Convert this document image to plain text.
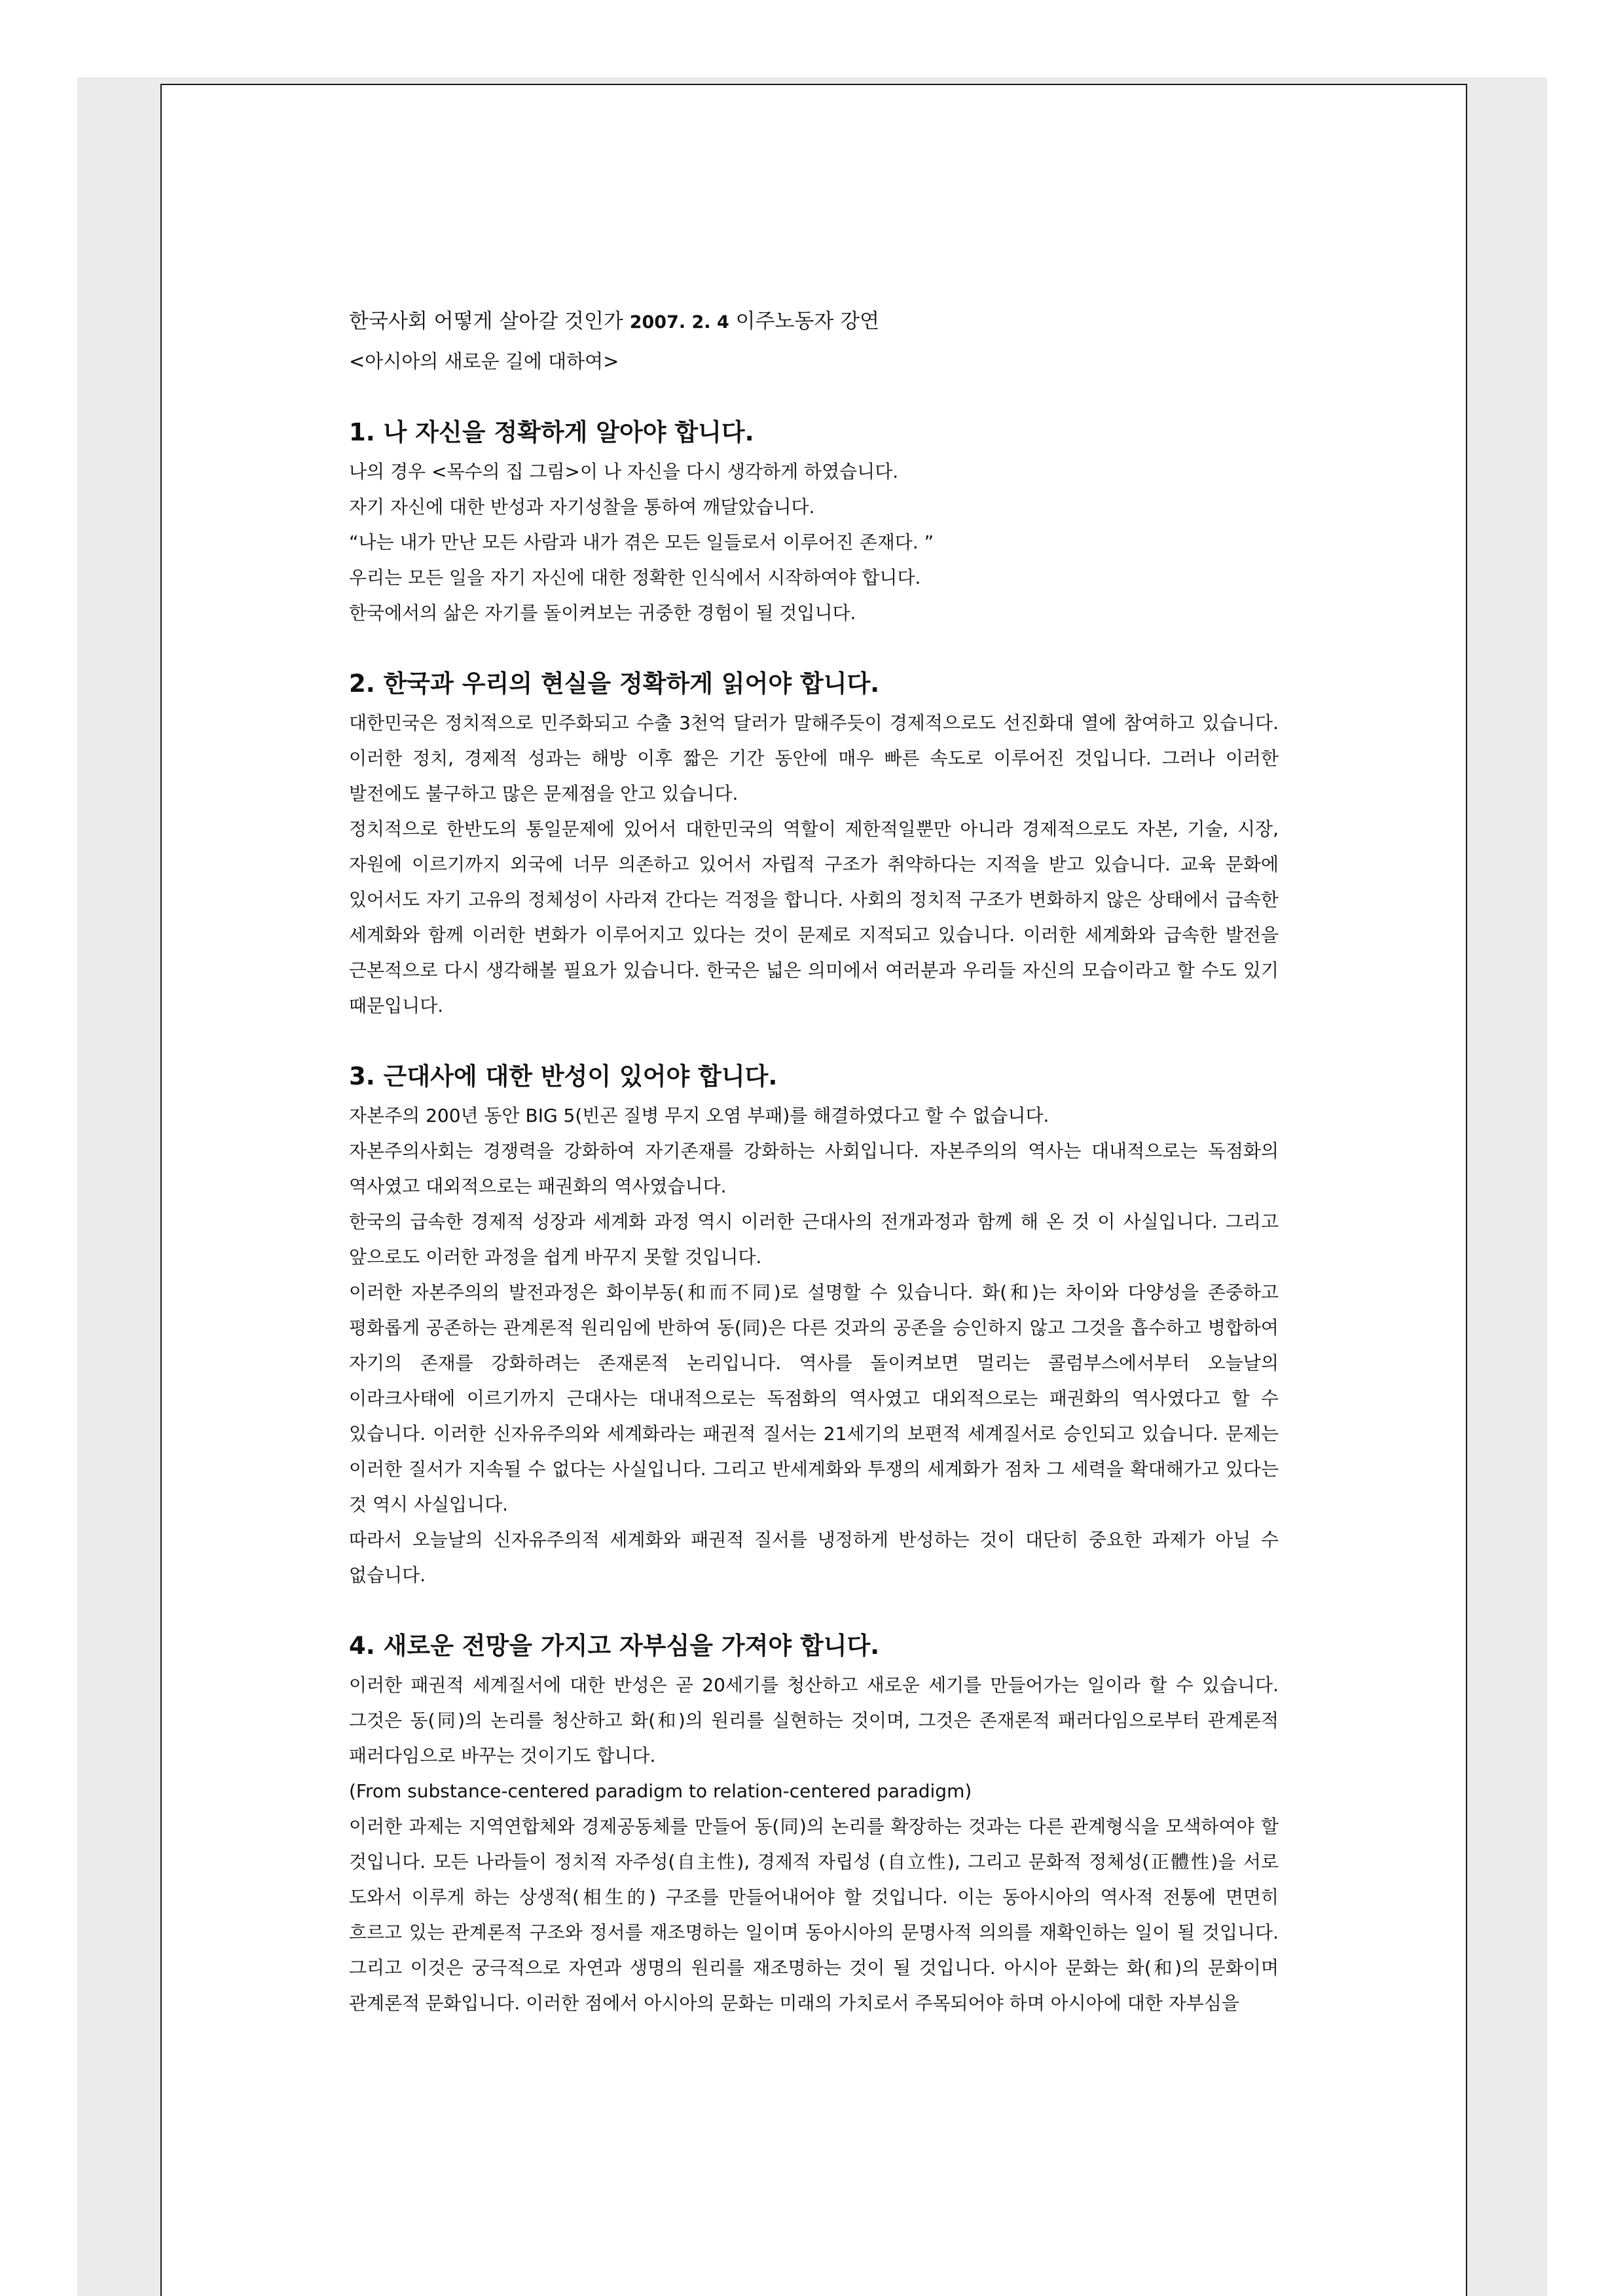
한국사회 어떻게 살아갈 것인가 2007. 2. 4 이주노동자 강연

<아시아의 새로운 길에 대하여>

1. 나 자신을 정확하게 알아야 합니다.

나의 경우 <목수의 집 그림>이 나 자신을 다시 생각하게 하였습니다.

자기 자신에 대한 반성과 자기성찰을 통하여 깨달았습니다.

“나는 내가 만난 모든 사람과 내가 겪은 모든 일들로서 이루어진 존재다. ”

우리는 모든 일을 자기 자신에 대한 정확한 인식에서 시작하여야 합니다.

한국에서의 삶은 자기를 돌이켜보는 귀중한 경험이 될 것입니다.

2. 한국과 우리의 현실을 정확하게 읽어야 합니다.

대한민국은 정치적으로 민주화되고 수출 3천억 달러가 말해주듯이 경제적으로도 선진화대 열에 참여하고 있습니다. 이러한 정치, 경제적 성과는 해방 이후 짧은 기간 동안에 매우 빠른 속도로 이루어진 것입니다. 그러나 이러한 발전에도 불구하고 많은 문제점을 안고 있습니다.

정치적으로 한반도의 통일문제에 있어서 대한민국의 역할이 제한적일뿐만 아니라 경제적으로도 자본, 기술, 시장, 자원에 이르기까지 외국에 너무 의존하고 있어서 자립적 구조가 취약하다는 지적을 받고 있습니다. 교육 문화에 있어서도 자기 고유의 정체성이 사라져 간다는 걱정을 합니다. 사회의 정치적 구조가 변화하지 않은 상태에서 급속한 세계화와 함께 이러한 변화가 이루어지고 있다는 것이 문제로 지적되고 있습니다. 이러한 세계화와 급속한 발전을 근본적으로 다시 생각해볼 필요가 있습니다. 한국은 넓은 의미에서 여러분과 우리들 자신의 모습이라고 할 수도 있기 때문입니다.

3. 근대사에 대한 반성이 있어야 합니다.

자본주의 200년 동안 BIG 5(빈곤 질병 무지 오염 부패)를 해결하였다고 할 수 없습니다.

자본주의사회는 경쟁력을 강화하여 자기존재를 강화하는 사회입니다. 자본주의의 역사는 대내적으로는 독점화의 역사였고 대외적으로는 패권화의 역사였습니다.

한국의 급속한 경제적 성장과 세계화 과정 역시 이러한 근대사의 전개과정과 함께 해 온 것 이 사실입니다. 그리고 앞으로도 이러한 과정을 쉽게 바꾸지 못할 것입니다.

이러한 자본주의의 발전과정은 화이부동(和而不同)로 설명할 수 있습니다. 화(和)는 차이와 다양성을 존중하고 평화롭게 공존하는 관계론적 원리임에 반하여 동(同)은 다른 것과의 공존을 승인하지 않고 그것을 흡수하고 병합하여 자기의 존재를 강화하려는 존재론적 논리입니다. 역사를 돌이켜보면 멀리는 콜럼부스에서부터 오늘날의 이라크사태에 이르기까지 근대사는 대내적으로는 독점화의 역사였고 대외적으로는 패권화의 역사였다고 할 수 있습니다. 이러한 신자유주의와 세계화라는 패권적 질서는 21세기의 보편적 세계질서로 승인되고 있습니다. 문제는 이러한 질서가 지속될 수 없다는 사실입니다. 그리고 반세계화와 투쟁의 세계화가 점차 그 세력을 확대해가고 있다는 것 역시 사실입니다.

따라서 오늘날의 신자유주의적 세계화와 패권적 질서를 냉정하게 반성하는 것이 대단히 중요한 과제가 아닐 수 없습니다.

4. 새로운 전망을 가지고 자부심을 가져야 합니다.

이러한 패권적 세계질서에 대한 반성은 곧 20세기를 청산하고 새로운 세기를 만들어가는 일이라 할 수 있습니다. 그것은 동(同)의 논리를 청산하고 화(和)의 원리를 실현하는 것이며, 그것은 존재론적 패러다임으로부터 관계론적 패러다임으로 바꾸는 것이기도 합니다.

(From substance-centered paradigm to relation-centered paradigm)

이러한 과제는 지역연합체와 경제공동체를 만들어 동(同)의 논리를 확장하는 것과는 다른 관계형식을 모색하여야 할 것입니다. 모든 나라들이 정치적 자주성(自主性), 경제적 자립성 (自立性), 그리고 문화적 정체성(正體性)을 서로 도와서 이루게 하는 상생적(相生的) 구조를 만들어내어야 할 것입니다. 이는 동아시아의 역사적 전통에 면면히 흐르고 있는 관계론적 구조와 정서를 재조명하는 일이며 동아시아의 문명사적 의의를 재확인하는 일이 될 것입니다. 그리고 이것은 궁극적으로 자연과 생명의 원리를 재조명하는 것이 될 것입니다. 아시아 문화는 화(和)의 문화이며 관계론적 문화입니다. 이러한 점에서 아시아의 문화는 미래의 가치로서 주목되어야 하며 아시아에 대한 자부심을
